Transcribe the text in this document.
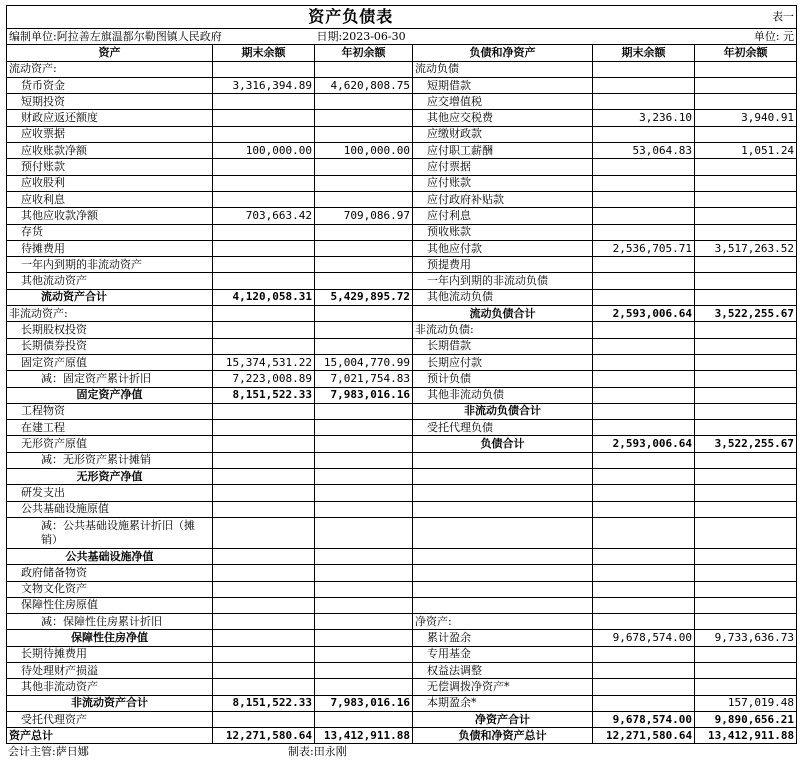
资产负债表					表一
编制单位:阿拉善左旗温都尔勒图镇人民政府		日期:2023-06-30			单位: 元
资产	期末余额	年初余额	负债和净资产	期末余额	年初余额
流动资产:			流动负债		
货币资金	3,316,394.89	4,620,808.75	短期借款		
短期投资			应交增值税		
财政应返还额度			其他应交税费	3,236.10	3,940.91
应收票据			应缴财政款		
应收账款净额	100,000.00	100,000.00	应付职工薪酬	53,064.83	1,051.24
预付账款			应付票据		
应收股利			应付账款		
应收利息			应付政府补贴款		
其他应收款净额	703,663.42	709,086.97	应付利息		
存货			预收账款		
待摊费用			其他应付款	2,536,705.71	3,517,263.52
一年内到期的非流动资产			预提费用		
其他流动资产			一年内到期的非流动负债		
流动资产合计	4,120,058.31	5,429,895.72	其他流动负债		
非流动资产:			流动负债合计	2,593,006.64	3,522,255.67
长期股权投资			非流动负债:		
长期债券投资			长期借款		
固定资产原值	15,374,531.22	15,004,770.99	长期应付款		
减：固定资产累计折旧	7,223,008.89	7,021,754.83	预计负债		
固定资产净值	8,151,522.33	7,983,016.16	其他非流动负债		
工程物资			非流动负债合计		
在建工程			受托代理负债		
无形资产原值			负债合计	2,593,006.64	3,522,255.67
减：无形资产累计摊销					
无形资产净值					
研发支出					
公共基础设施原值					
减：公共基础设施累计折旧（摊销）					
公共基础设施净值					
政府储备物资					
文物文化资产					
保障性住房原值					
减：保障性住房累计折旧			净资产:		
保障性住房净值			累计盈余	9,678,574.00	9,733,636.73
长期待摊费用			专用基金		
待处理财产损溢			权益法调整		
其他非流动资产			无偿调拨净资产*		
非流动资产合计	8,151,522.33	7,983,016.16	本期盈余*		157,019.48
受托代理资产			净资产合计	9,678,574.00	9,890,656.21
资产总计	12,271,580.64	13,412,911.88	负债和净资产总计	12,271,580.64	13,412,911.88
会计主管:萨日娜	制表:田永刚
